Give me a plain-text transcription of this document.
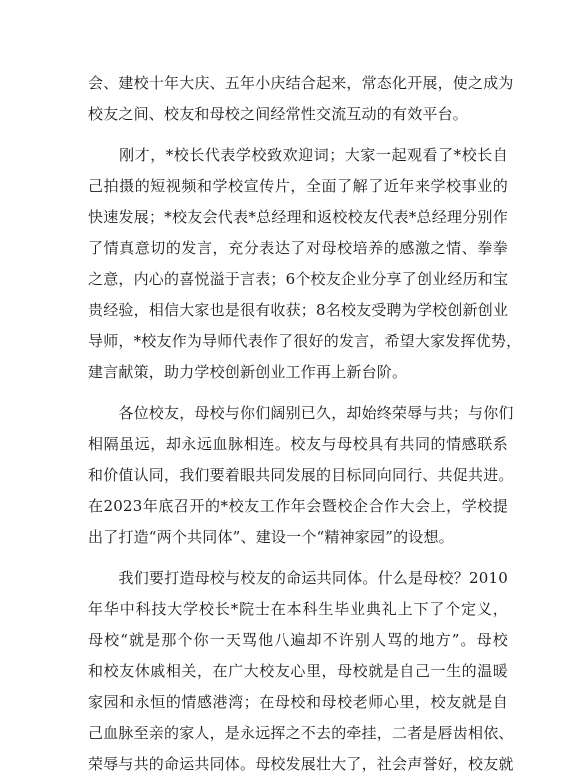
会、建校十年大庆、五年小庆结合起来，常态化开展，使之成为
校友之间、校友和母校之间经常性交流互动的有效平台。
　　刚才，*校长代表学校致欢迎词；大家一起观看了*校长自
己拍摄的短视频和学校宣传片，全面了解了近年来学校事业的
快速发展；*校友会代表*总经理和返校校友代表*总经理分别作
了情真意切的发言，充分表达了对母校培养的感激之情、拳拳
之意，内心的喜悦溢于言表；6个校友企业分享了创业经历和宝
贵经验，相信大家也是很有收获；8名校友受聘为学校创新创业
导师，*校友作为导师代表作了很好的发言，希望大家发挥优势，
建言献策，助力学校创新创业工作再上新台阶。
　　各位校友，母校与你们阔别已久，却始终荣辱与共；与你们
相隔虽远，却永远血脉相连。校友与母校具有共同的情感联系
和价值认同，我们要着眼共同发展的目标同向同行、共促共进。
在2023年底召开的*校友工作年会暨校企合作大会上，学校提
出了打造“两个共同体”、建设一个“精神家园”的设想。
　　我们要打造母校与校友的命运共同体。什么是母校？2010
年华中科技大学校长*院士在本科生毕业典礼上下了个定义，
母校“就是那个你一天骂他八遍却不许别人骂的地方”。母校
和校友休戚相关，在广大校友心里，母校就是自己一生的温暖
家园和永恒的情感港湾；在母校和母校老师心里，校友就是自
己血脉至亲的家人，是永远挥之不去的牵挂，二者是唇齿相依、
荣辱与共的命运共同体。母校发展壮大了，社会声誉好，校友就
